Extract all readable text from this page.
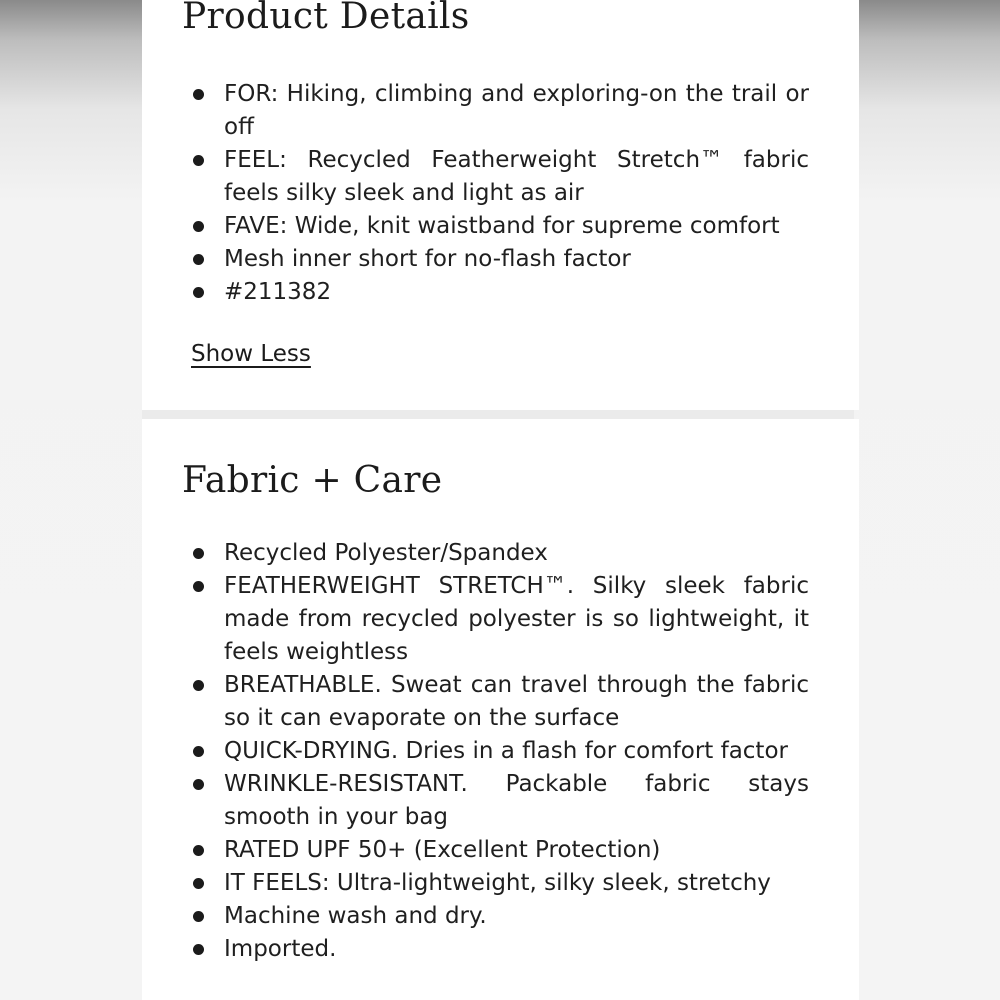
Product Details
FOR: Hiking, climbing and exploring-on the trail or off
FEEL: Recycled Featherweight Stretch™ fabric feels silky sleek and light as air
FAVE: Wide, knit waistband for supreme comfort
Mesh inner short for no-flash factor
#211382
Show Less
Fabric + Care
Recycled Polyester/Spandex
FEATHERWEIGHT STRETCH™. Silky sleek fabric made from recycled polyester is so lightweight, it feels weightless
BREATHABLE. Sweat can travel through the fabric so it can evaporate on the surface
QUICK-DRYING. Dries in a flash for comfort factor
WRINKLE-RESISTANT. Packable fabric stays smooth in your bag
RATED UPF 50+ (Excellent Protection)
IT FEELS: Ultra-lightweight, silky sleek, stretchy
Machine wash and dry.
Imported.
